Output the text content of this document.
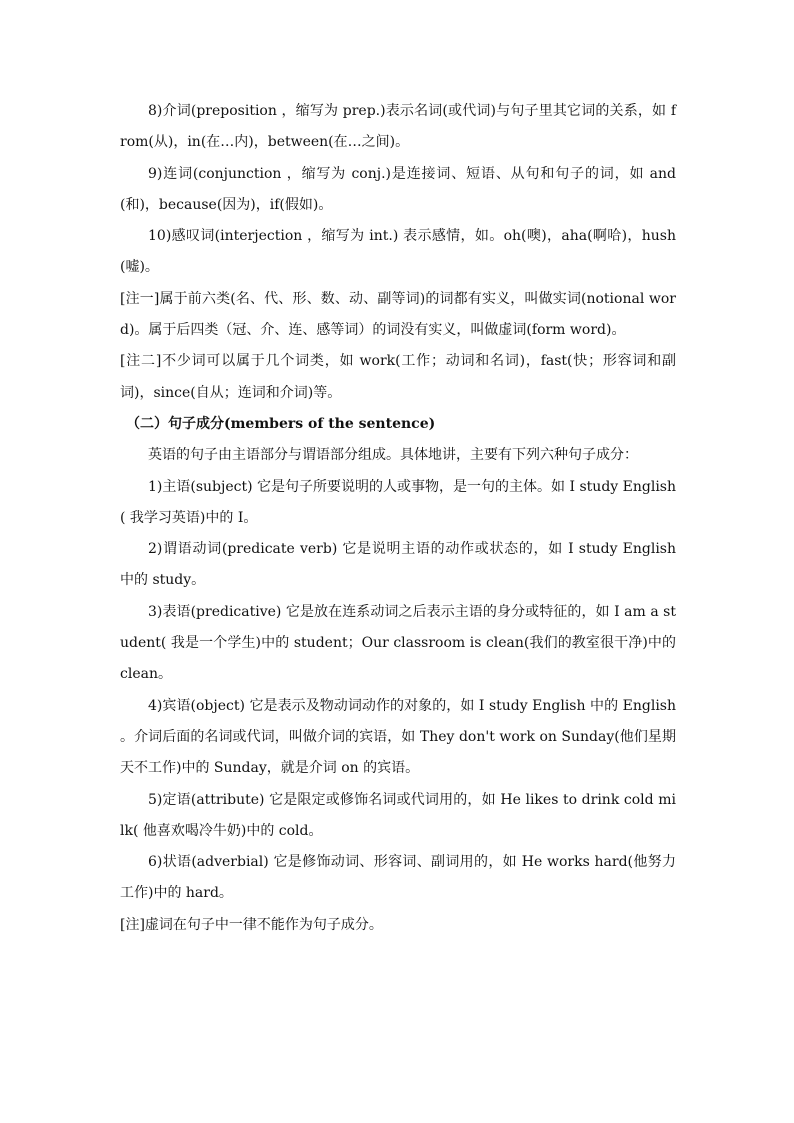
8)介词(preposition ，缩写为 prep.)表示名词(或代词)与句子里其它词的关系，如 from(从)，in(在…内)，between(在…之间)。

9)连词(conjunction ，缩写为 conj.)是连接词、短语、从句和句子的词，如 and(和)，because(因为)，if(假如)。

10)感叹词(interjection ，缩写为 int.) 表示感情，如。oh(噢)，aha(啊哈)，hush(嘘)。

[注一]属于前六类(名、代、形、数、动、副等词)的词都有实义，叫做实词(notional word)。属于后四类（冠、介、连、感等词）的词没有实义，叫做虚词(form word)。

[注二]不少词可以属于几个词类，如 work(工作；动词和名词)，fast(快；形容词和副词)，since(自从；连词和介词)等。

（二）句子成分(members of the sentence)

英语的句子由主语部分与谓语部分组成。具体地讲，主要有下列六种句子成分：

1)主语(subject) 它是句子所要说明的人或事物，是一句的主体。如 I study English( 我学习英语)中的 I。

2)谓语动词(predicate verb) 它是说明主语的动作或状态的，如 I study English 中的 study。

3)表语(predicative) 它是放在连系动词之后表示主语的身分或特征的，如 I am a student( 我是一个学生)中的 student；Our classroom is clean(我们的教室很干净)中的 clean。

4)宾语(object) 它是表示及物动词动作的对象的，如 I study English 中的 English 。介词后面的名词或代词，叫做介词的宾语，如 They don't work on Sunday(他们星期天不工作)中的 Sunday，就是介词 on 的宾语。

5)定语(attribute) 它是限定或修饰名词或代词用的，如 He likes to drink cold milk( 他喜欢喝冷牛奶)中的 cold。

6)状语(adverbial) 它是修饰动词、形容词、副词用的，如 He works hard(他努力工作)中的 hard。

[注]虚词在句子中一律不能作为句子成分。
